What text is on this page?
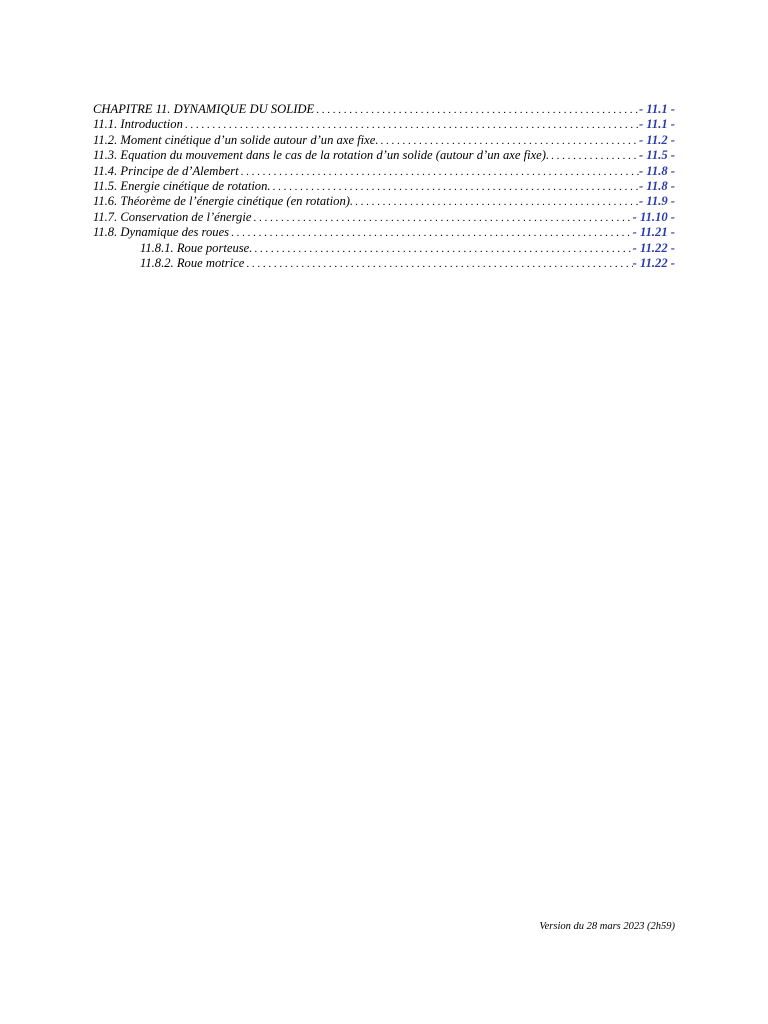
CHAPITRE 11. DYNAMIQUE DU SOLIDE . . .	- 11.1 -
11.1. Introduction . . .	- 11.1 -
11.2. Moment cinétique d’un solide autour d’un axe fixe. . . .	- 11.2 -
11.3. Equation du mouvement dans le cas de la rotation d’un solide (autour d’un axe fixe). . . .	- 11.5 -
11.4. Principe de d’Alembert . . .	- 11.8 -
11.5. Energie cinétique de rotation. . . .	- 11.8 -
11.6. Théorème de l’énergie cinétique (en rotation). . . .	- 11.9 -
11.7. Conservation de l’énergie . . .	- 11.10 -
11.8. Dynamique des roues . . .	- 11.21 -
11.8.1. Roue porteuse. . . .	- 11.22 -
11.8.2. Roue motrice . . .	- 11.22 -
Version du 28 mars 2023 (2h59)
